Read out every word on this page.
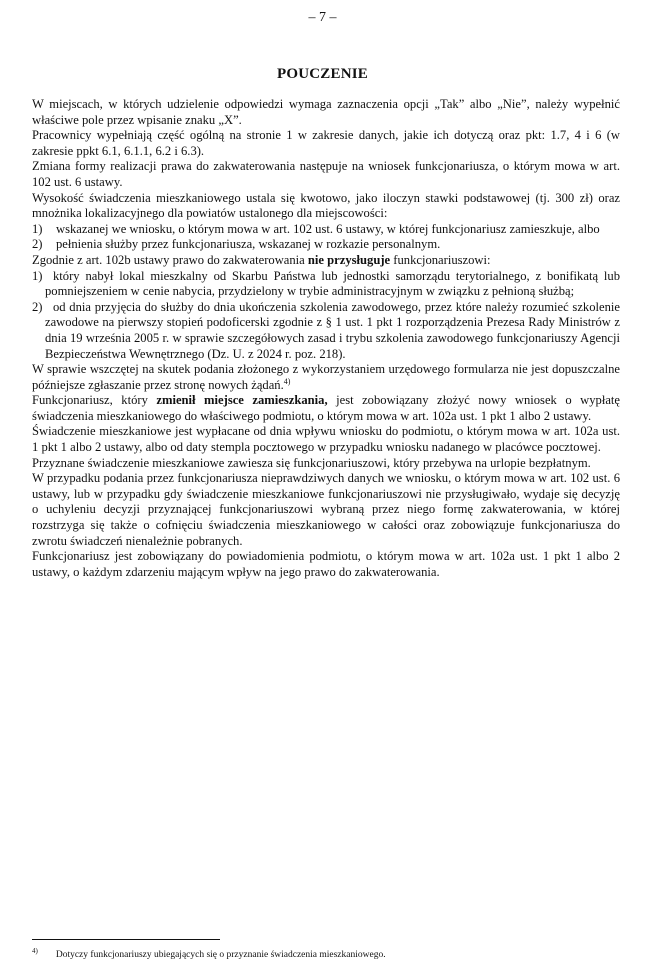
– 7 –
POUCZENIE

W miejscach, w których udzielenie odpowiedzi wymaga zaznaczenia opcji „Tak” albo „Nie”, należy wypełnić właściwe pole przez wpisanie znaku „X”.

Pracownicy wypełniają część ogólną na stronie 1 w zakresie danych, jakie ich dotyczą oraz pkt: 1.7, 4 i 6 (w zakresie ppkt 6.1, 6.1.1, 6.2 i 6.3).

Zmiana formy realizacji prawa do zakwaterowania następuje na wniosek funkcjonariusza, o którym mowa w art. 102 ust. 6 ustawy.

Wysokość świadczenia mieszkaniowego ustala się kwotowo, jako iloczyn stawki podstawowej (tj. 300 zł) oraz mnożnika lokalizacyjnego dla powiatów ustalonego dla miejscowości:

1) wskazanej we wniosku, o którym mowa w art. 102 ust. 6 ustawy, w której funkcjonariusz zamieszkuje, albo
2) pełnienia służby przez funkcjonariusza, wskazanej w rozkazie personalnym.

Zgodnie z art. 102b ustawy prawo do zakwaterowania nie przysługuje funkcjonariuszowi:

1) który nabył lokal mieszkalny od Skarbu Państwa lub jednostki samorządu terytorialnego, z bonifikatą lub pomniejszeniem w cenie nabycia, przydzielony w trybie administracyjnym w związku z pełnioną służbą;
2) od dnia przyjęcia do służby do dnia ukończenia szkolenia zawodowego, przez które należy rozumieć szkolenie zawodowe na pierwszy stopień podoficerski zgodnie z § 1 ust. 1 pkt 1 rozporządzenia Prezesa Rady Ministrów z dnia 19 września 2005 r. w sprawie szczegółowych zasad i trybu szkolenia zawodowego funkcjonariuszy Agencji Bezpieczeństwa Wewnętrznego (Dz. U. z 2024 r. poz. 218).

W sprawie wszczętej na skutek podania złożonego z wykorzystaniem urzędowego formularza nie jest dopuszczalne późniejsze zgłaszanie przez stronę nowych żądań.$^{4)}$

Funkcjonariusz, który zmienił miejsce zamieszkania, jest zobowiązany złożyć nowy wniosek o wypłatę świadczenia mieszkaniowego do właściwego podmiotu, o którym mowa w art. 102a ust. 1 pkt 1 albo 2 ustawy.

Świadczenie mieszkaniowe jest wypłacane od dnia wpływu wniosku do podmiotu, o którym mowa w art. 102a ust. 1 pkt 1 albo 2 ustawy, albo od daty stempla pocztowego w przypadku wniosku nadanego w placówce pocztowej.

Przyznane świadczenie mieszkaniowe zawiesza się funkcjonariuszowi, który przebywa na urlopie bezpłatnym.

W przypadku podania przez funkcjonariusza nieprawdziwych danych we wniosku, o którym mowa w art. 102 ust. 6 ustawy, lub w przypadku gdy świadczenie mieszkaniowe funkcjonariuszowi nie przysługiwało, wydaje się decyzję o uchyleniu decyzji przyznającej funkcjonariuszowi wybraną przez niego formę zakwaterowania, w której rozstrzyga się także o cofnięciu świadczenia mieszkaniowego w całości oraz zobowiązuje funkcjonariusza do zwrotu świadczeń nienależnie pobranych.

Funkcjonariusz jest zobowiązany do powiadomienia podmiotu, o którym mowa w art. 102a ust. 1 pkt 1 albo 2 ustawy, o każdym zdarzeniu mającym wpływ na jego prawo do zakwaterowania.

$^{4)}$ Dotyczy funkcjonariuszy ubiegających się o przyznanie świadczenia mieszkaniowego.
